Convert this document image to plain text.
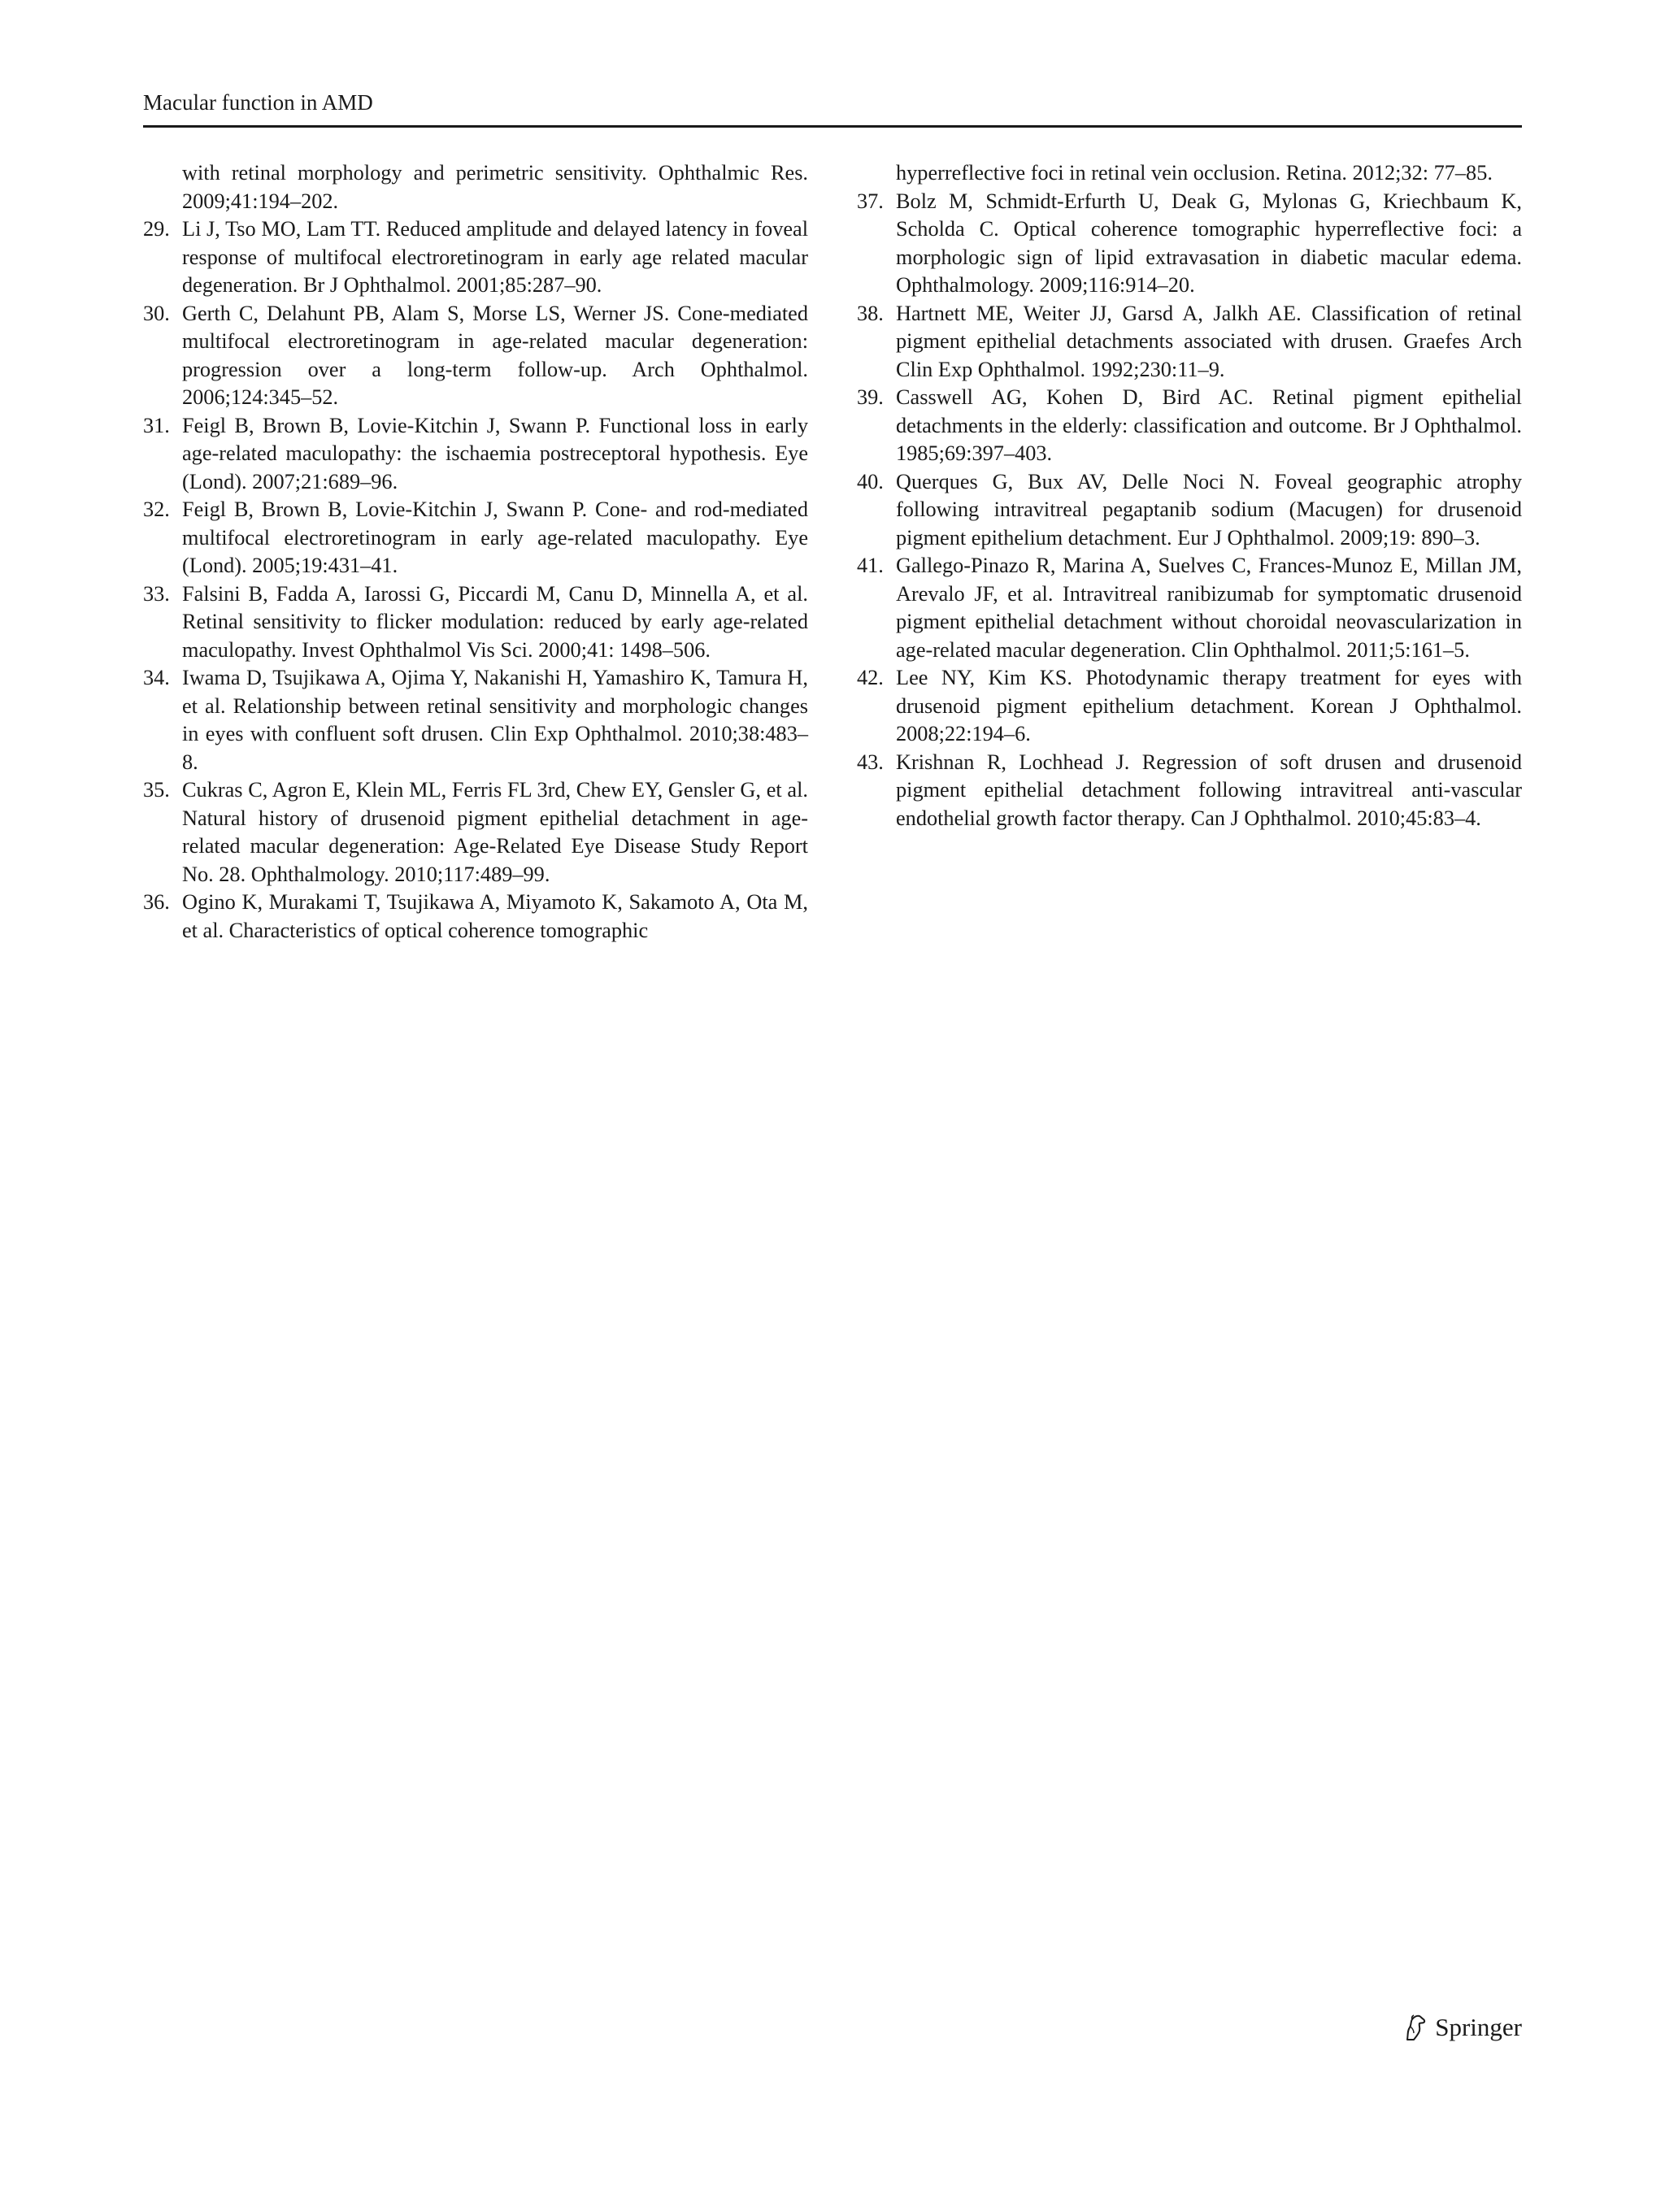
Macular function in AMD
with retinal morphology and perimetric sensitivity. Ophthalmic Res. 2009;41:194–202.
29. Li J, Tso MO, Lam TT. Reduced amplitude and delayed latency in foveal response of multifocal electroretinogram in early age related macular degeneration. Br J Ophthalmol. 2001;85:287–90.
30. Gerth C, Delahunt PB, Alam S, Morse LS, Werner JS. Cone-mediated multifocal electroretinogram in age-related macular degeneration: progression over a long-term follow-up. Arch Ophthalmol. 2006;124:345–52.
31. Feigl B, Brown B, Lovie-Kitchin J, Swann P. Functional loss in early age-related maculopathy: the ischaemia postreceptoral hypothesis. Eye (Lond). 2007;21:689–96.
32. Feigl B, Brown B, Lovie-Kitchin J, Swann P. Cone- and rod-mediated multifocal electroretinogram in early age-related maculopathy. Eye (Lond). 2005;19:431–41.
33. Falsini B, Fadda A, Iarossi G, Piccardi M, Canu D, Minnella A, et al. Retinal sensitivity to flicker modulation: reduced by early age-related maculopathy. Invest Ophthalmol Vis Sci. 2000;41: 1498–506.
34. Iwama D, Tsujikawa A, Ojima Y, Nakanishi H, Yamashiro K, Tamura H, et al. Relationship between retinal sensitivity and morphologic changes in eyes with confluent soft drusen. Clin Exp Ophthalmol. 2010;38:483–8.
35. Cukras C, Agron E, Klein ML, Ferris FL 3rd, Chew EY, Gensler G, et al. Natural history of drusenoid pigment epithelial detachment in age-related macular degeneration: Age-Related Eye Disease Study Report No. 28. Ophthalmology. 2010;117:489–99.
36. Ogino K, Murakami T, Tsujikawa A, Miyamoto K, Sakamoto A, Ota M, et al. Characteristics of optical coherence tomographic
hyperreflective foci in retinal vein occlusion. Retina. 2012;32: 77–85.
37. Bolz M, Schmidt-Erfurth U, Deak G, Mylonas G, Kriechbaum K, Scholda C. Optical coherence tomographic hyperreflective foci: a morphologic sign of lipid extravasation in diabetic macular edema. Ophthalmology. 2009;116:914–20.
38. Hartnett ME, Weiter JJ, Garsd A, Jalkh AE. Classification of retinal pigment epithelial detachments associated with drusen. Graefes Arch Clin Exp Ophthalmol. 1992;230:11–9.
39. Casswell AG, Kohen D, Bird AC. Retinal pigment epithelial detachments in the elderly: classification and outcome. Br J Ophthalmol. 1985;69:397–403.
40. Querques G, Bux AV, Delle Noci N. Foveal geographic atrophy following intravitreal pegaptanib sodium (Macugen) for drusenoid pigment epithelium detachment. Eur J Ophthalmol. 2009;19: 890–3.
41. Gallego-Pinazo R, Marina A, Suelves C, Frances-Munoz E, Millan JM, Arevalo JF, et al. Intravitreal ranibizumab for symptomatic drusenoid pigment epithelial detachment without choroidal neovascularization in age-related macular degeneration. Clin Ophthalmol. 2011;5:161–5.
42. Lee NY, Kim KS. Photodynamic therapy treatment for eyes with drusenoid pigment epithelium detachment. Korean J Ophthalmol. 2008;22:194–6.
43. Krishnan R, Lochhead J. Regression of soft drusen and drusenoid pigment epithelial detachment following intravitreal anti-vascular endothelial growth factor therapy. Can J Ophthalmol. 2010;45:83–4.
Springer
